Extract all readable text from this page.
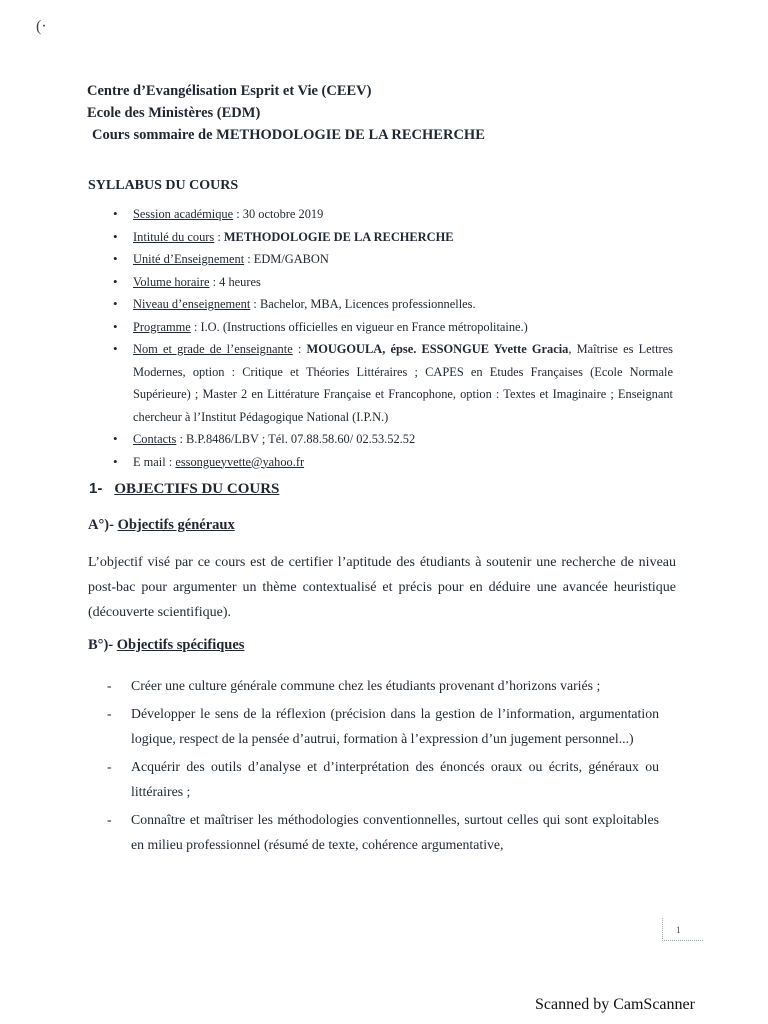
(·
Centre d’Evangélisation Esprit et Vie (CEEV)
Ecole des Ministères (EDM)
Cours sommaire de METHODOLOGIE DE LA RECHERCHE
SYLLABUS DU COURS
• Session académique : 30 octobre 2019
• Intitulé du cours : METHODOLOGIE DE LA RECHERCHE
• Unité d’Enseignement : EDM/GABON
• Volume horaire : 4 heures
• Niveau d’enseignement : Bachelor, MBA, Licences professionnelles.
• Programme : I.O. (Instructions officielles en vigueur en France métropolitaine.)
• Nom et grade de l’enseignante : MOUGOULA, épse. ESSONGUE Yvette Gracia, Maîtrise es Lettres Modernes, option : Critique et Théories Littéraires ; CAPES en Etudes Françaises (Ecole Normale Supérieure) ; Master 2 en Littérature Française et Francophone, option : Textes et Imaginaire ; Enseignant chercheur à l’Institut Pédagogique National (I.P.N.)
• Contacts : B.P.8486/LBV ; Tél. 07.88.58.60/ 02.53.52.52
• E mail : essongueyvette@yahoo.fr
1- OBJECTIFS DU COURS
A°)- Objectifs généraux
L’objectif visé par ce cours est de certifier l’aptitude des étudiants à soutenir une recherche de niveau post-bac pour argumenter un thème contextualisé et précis pour en déduire une avancée heuristique (découverte scientifique).
B°)- Objectifs spécifiques
- Créer une culture générale commune chez les étudiants provenant d’horizons variés ;
- Développer le sens de la réflexion (précision dans la gestion de l’information, argumentation logique, respect de la pensée d’autrui, formation à l’expression d’un jugement personnel...)
- Acquérir des outils d’analyse et d’interprétation des énoncés oraux ou écrits, généraux ou littéraires ;
- Connaître et maîtriser les méthodologies conventionnelles, surtout celles qui sont exploitables en milieu professionnel (résumé de texte, cohérence argumentative,
1
Scanned by CamScanner
